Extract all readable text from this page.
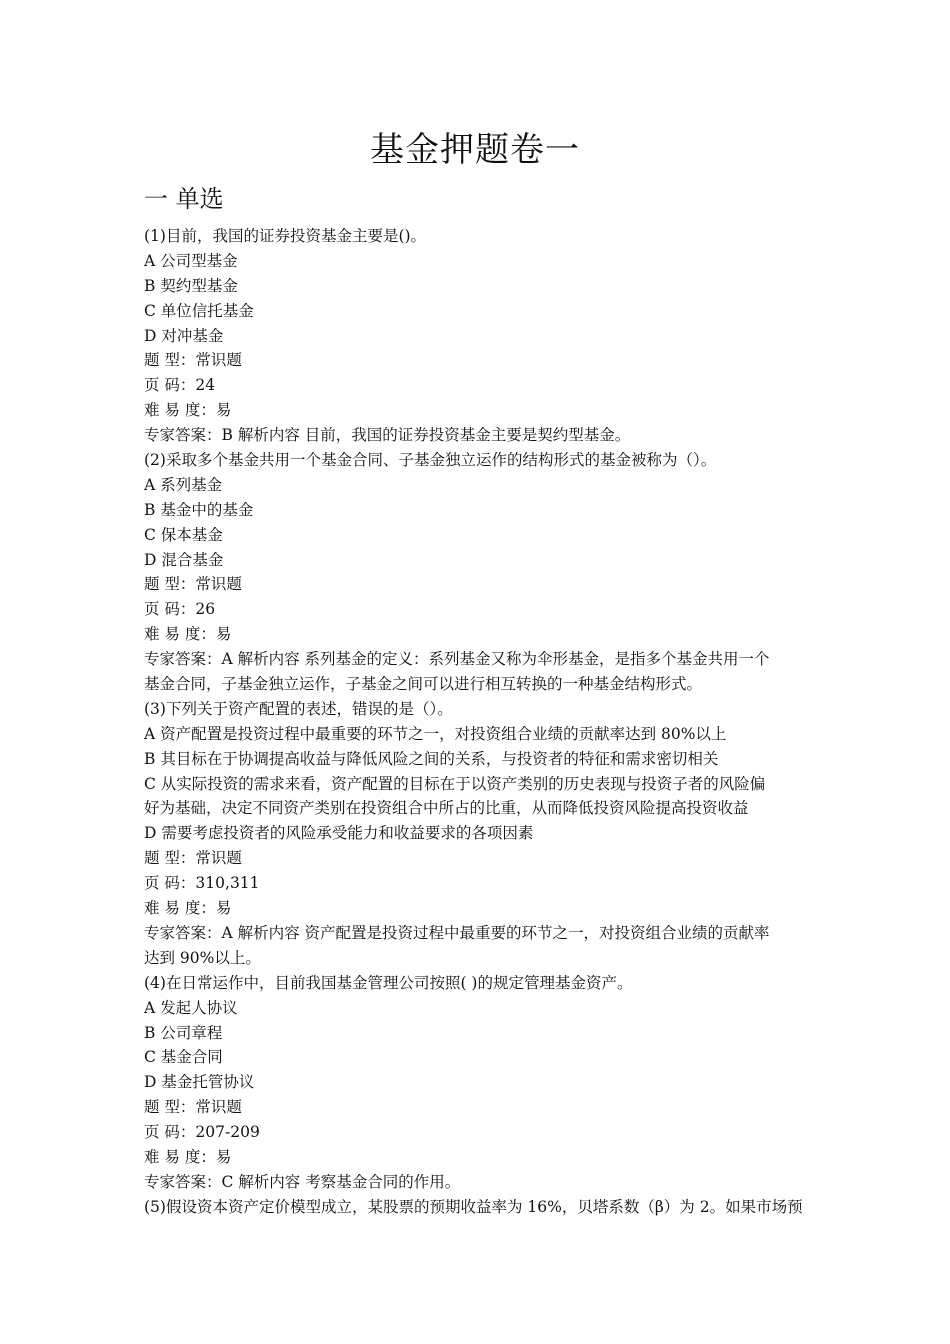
基金押题卷一
一 单选
(1)目前，我国的证券投资基金主要是()。
A 公司型基金
B 契约型基金
C 单位信托基金
D 对冲基金
题 型：常识题
页 码：24
难 易 度：易
专家答案：B 解析内容 目前，我国的证券投资基金主要是契约型基金。
(2)采取多个基金共用一个基金合同、子基金独立运作的结构形式的基金被称为（）。
A 系列基金
B 基金中的基金
C 保本基金
D 混合基金
题 型：常识题
页 码：26
难 易 度：易
专家答案：A 解析内容 系列基金的定义：系列基金又称为伞形基金，是指多个基金共用一个
基金合同，子基金独立运作，子基金之间可以进行相互转换的一种基金结构形式。
(3)下列关于资产配置的表述，错误的是（）。
A 资产配置是投资过程中最重要的环节之一，对投资组合业绩的贡献率达到 80%以上
B 其目标在于协调提高收益与降低风险之间的关系，与投资者的特征和需求密切相关
C 从实际投资的需求来看，资产配置的目标在于以资产类别的历史表现与投资子者的风险偏
好为基础，决定不同资产类别在投资组合中所占的比重，从而降低投资风险提高投资收益
D 需要考虑投资者的风险承受能力和收益要求的各项因素
题 型：常识题
页 码：310,311
难 易 度：易
专家答案：A 解析内容 资产配置是投资过程中最重要的环节之一，对投资组合业绩的贡献率
达到 90%以上。
(4)在日常运作中，目前我国基金管理公司按照( )的规定管理基金资产。
A 发起人协议
B 公司章程
C 基金合同
D 基金托管协议
题 型：常识题
页 码：207-209
难 易 度：易
专家答案：C 解析内容 考察基金合同的作用。
(5)假设资本资产定价模型成立，某股票的预期收益率为 16%，贝塔系数（β）为 2。如果市场预
